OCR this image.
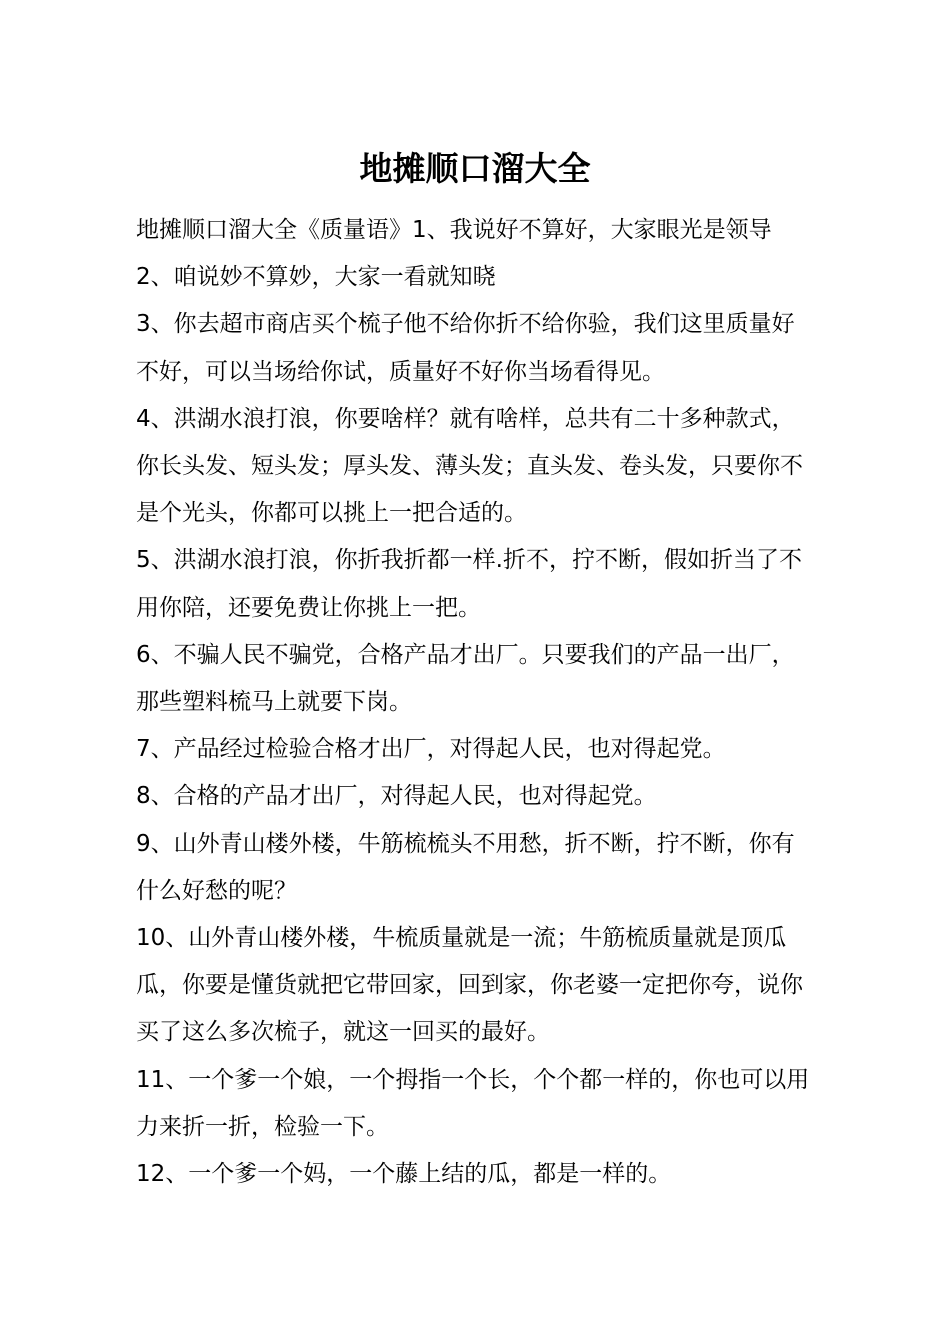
地摊顺口溜大全

地摊顺口溜大全《质量语》1、我说好不算好，大家眼光是领导

2、咱说妙不算妙，大家一看就知晓

3、你去超市商店买个梳子他不给你折不给你验，我们这里质量好不好，可以当场给你试，质量好不好你当场看得见。

4、洪湖水浪打浪，你要啥样？就有啥样，总共有二十多种款式，你长头发、短头发；厚头发、薄头发；直头发、卷头发，只要你不是个光头，你都可以挑上一把合适的。

5、洪湖水浪打浪，你折我折都一样.折不，拧不断，假如折当了不用你陪，还要免费让你挑上一把。

6、不骗人民不骗党，合格产品才出厂。只要我们的产品一出厂，那些塑料梳马上就要下岗。

7、产品经过检验合格才出厂，对得起人民，也对得起党。

8、合格的产品才出厂，对得起人民，也对得起党。

9、山外青山楼外楼，牛筋梳梳头不用愁，折不断，拧不断，你有什么好愁的呢？

10、山外青山楼外楼，牛梳质量就是一流；牛筋梳质量就是顶瓜瓜，你要是懂货就把它带回家，回到家，你老婆一定把你夸，说你买了这么多次梳子，就这一回买的最好。

11、一个爹一个娘，一个拇指一个长，个个都一样的，你也可以用力来折一折，检验一下。

12、一个爹一个妈，一个藤上结的瓜，都是一样的。
